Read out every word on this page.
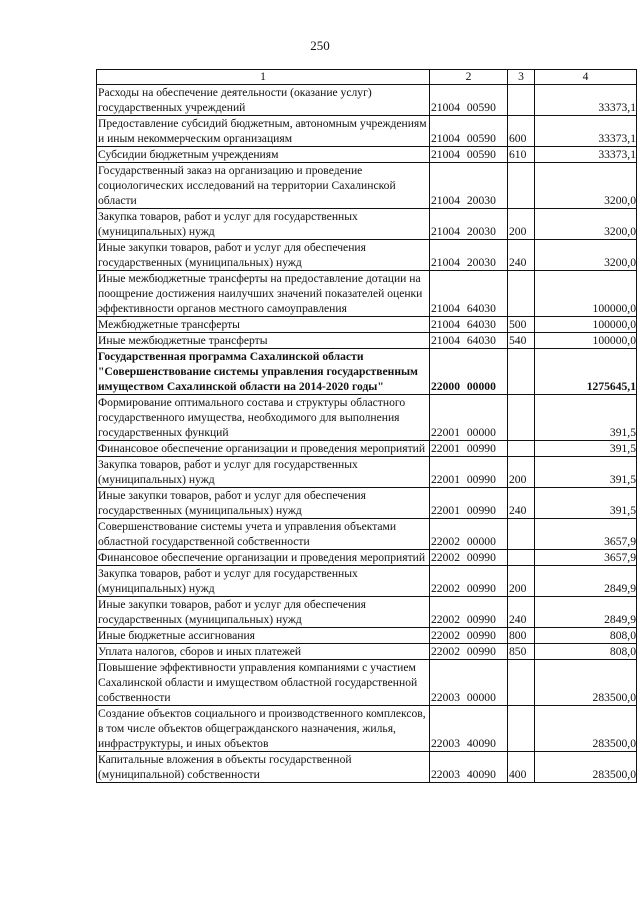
250
1	2	3	4
Расходы на обеспечение деятельности (оказание услуг) государственных учреждений	21004 00590		33373,1
Предоставление субсидий бюджетным, автономным учреждениям и иным некоммерческим организациям	21004 00590	600	33373,1
Субсидии бюджетным учреждениям	21004 00590	610	33373,1
Государственный заказ на организацию и проведение социологических исследований на территории Сахалинской области	21004 20030		3200,0
Закупка товаров, работ и услуг для государственных (муниципальных) нужд	21004 20030	200	3200,0
Иные закупки товаров, работ и услуг для обеспечения государственных (муниципальных) нужд	21004 20030	240	3200,0
Иные межбюджетные трансферты на предоставление дотации на поощрение достижения наилучших значений показателей оценки эффективности органов местного самоуправления	21004 64030		100000,0
Межбюджетные трансферты	21004 64030	500	100000,0
Иные межбюджетные трансферты	21004 64030	540	100000,0
Государственная программа Сахалинской области "Совершенствование системы управления государственным имуществом Сахалинской области на 2014-2020 годы"	22000 00000		1275645,1
Формирование оптимального состава и структуры областного государственного имущества, необходимого для выполнения государственных функций	22001 00000		391,5
Финансовое обеспечение организации и проведения мероприятий	22001 00990		391,5
Закупка товаров, работ и услуг для государственных (муниципальных) нужд	22001 00990	200	391,5
Иные закупки товаров, работ и услуг для обеспечения государственных (муниципальных) нужд	22001 00990	240	391,5
Совершенствование системы учета и управления объектами областной государственной собственности	22002 00000		3657,9
Финансовое обеспечение организации и проведения мероприятий	22002 00990		3657,9
Закупка товаров, работ и услуг для государственных (муниципальных) нужд	22002 00990	200	2849,9
Иные закупки товаров, работ и услуг для обеспечения государственных (муниципальных) нужд	22002 00990	240	2849,9
Иные бюджетные ассигнования	22002 00990	800	808,0
Уплата налогов, сборов и иных платежей	22002 00990	850	808,0
Повышение эффективности управления компаниями с участием Сахалинской области и имуществом областной государственной собственности	22003 00000		283500,0
Создание объектов социального и производственного комплексов, в том числе объектов общегражданского назначения, жилья, инфраструктуры, и иных объектов	22003 40090		283500,0
Капитальные вложения в объекты государственной (муниципальной) собственности	22003 40090	400	283500,0
